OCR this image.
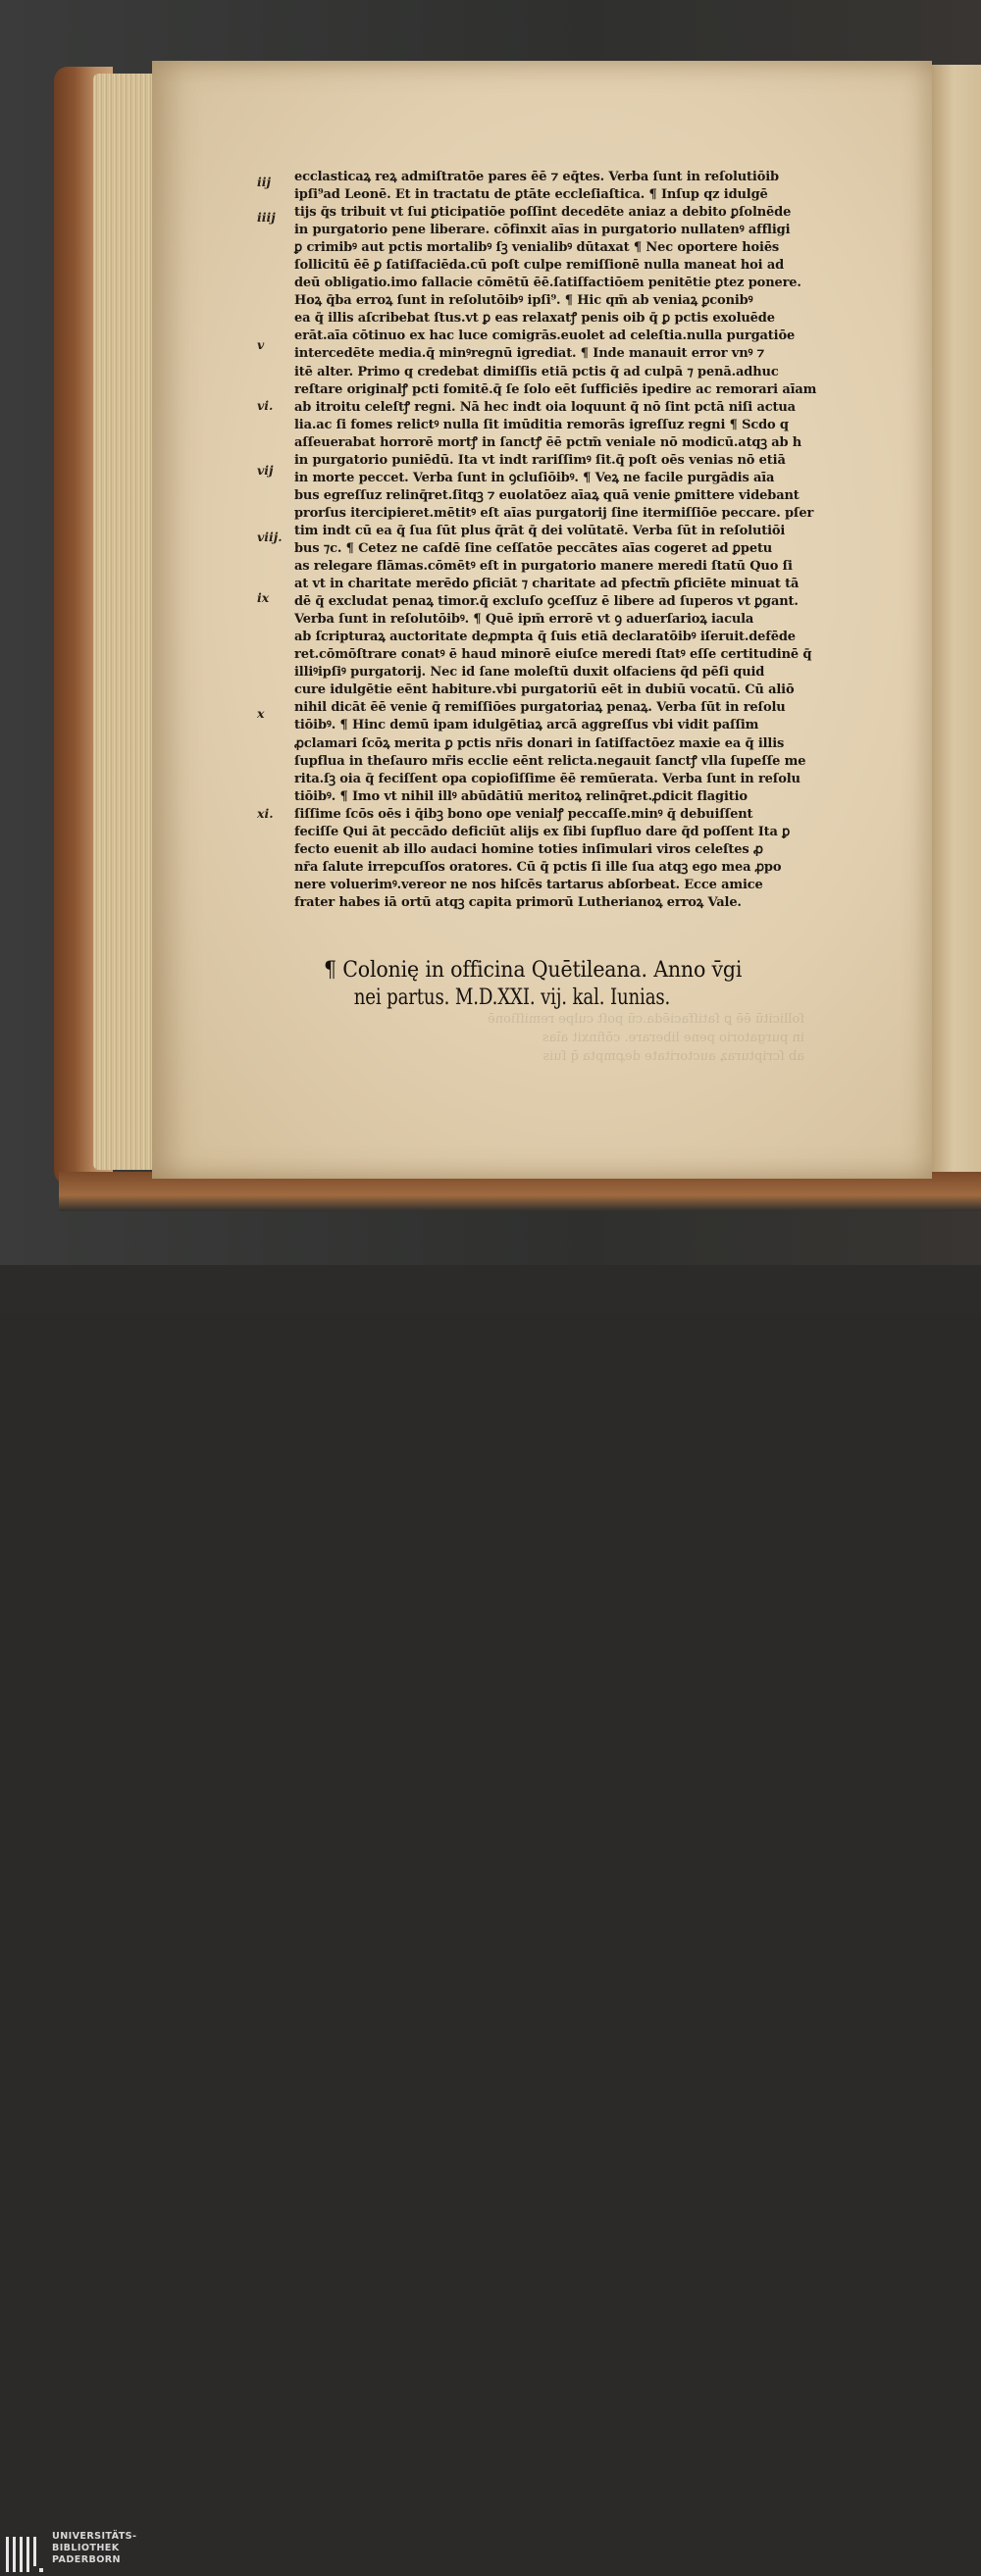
ſollicitū ēē ꝑ ſatiſfaciēda.cū poſt culpe remiſſionē
in purgatorio pene liberare. cōfinxit aīas
ab ſcripturaꝝ auctoritate deꝓmpta q̄ ſuis
iij
iiij
v
vi.
vij
viij.
ix
x
xi.
ecclasticaꝝ reꝝ admiſtratōe pares ēē ⁊ eq̄tes. Verba ſunt in reſolutiōib
ipſi⁹ad Leonē. Et in tractatu de ꝑtāte eccleſiaſtica. ¶ Inſup qz idulgē
tijs q̄s tribuit vt ſui ꝑticipatiōe poſſint decedēte aniaz a debito ꝑſolnēde
in purgatorio pene liberare. cōfinxit aīas in purgatorio nullatenꝰ affligi
ꝑ crimibꝰ aut pctis mortalibꝰ ſꝫ venialibꝰ dūtaxat ¶ Nec oportere hoiēs
ſollicitū ēē ꝑ ſatiſfaciēda.cū poſt culpe remiſſionē nulla maneat hoi ad
deū obligatio.imo fallacie cōmētū ēē.ſatiſfactiōem penitētie ꝑtez ponere.
Hoꝝ q̄ba erroꝝ ſunt in reſolutōibꝰ ipſi⁹. ¶ Hic qm̄ ab veniaꝝ ꝑconibꝰ
ea q̄ illis aſcribebat ſtus.vt ꝑ eas relaxatꝭ penis oib q̄ ꝑ pctis exoluēde
erāt.aīa cōtinuo ex hac luce comigrās.euolet ad celeſtia.nulla purgatiōe
intercedēte media.q̄ minꝰregnū igrediat. ¶ Inde manauit error vnꝰ ⁊
itē alter. Primo q credebat dimiſſis etiā pctis q̄ ad culpā ⁊ penā.adhuc
reſtare originalꝭ pcti fomitē.q̄ ſe ſolo eēt ſufficiēs ipedire ac remorari aīam
ab itroitu celeſtꝭ regni. Nā hec indt oia loquunt q̄ nō ſint pctā niſi actua
lia.ac ſi fomes relictꝰ nulla ſit imūditia remorās igreſſuz regni ¶ Scdo q
aſſeuerabat horrorē mortꝭ in ſanctꝭ ēē pctm̄ veniale nō modicū.atqꝫ ab h
in purgatorio puniēdū. Ita vt indt rariſſimꝰ ſit.q̄ poſt oēs venias nō etiā
in morte peccet. Verba ſunt in ꝯcluſiōibꝰ. ¶ Veꝝ ne facile purgādis aīa
bus egreſſuz relinq̄ret.ſitqꝫ ⁊ euolatōez aīaꝝ quā venie ꝑmittere videbant
prorſus itercipieret.mētitꝰ eſt aīas purgatorij ſine itermiſſiōe peccare. pſer
tim indt cū ea q̄ ſua ſūt plus q̄rāt q̄ dei volūtatē. Verba ſūt in reſolutiōi
bus ⁊c. ¶ Cetez ne caſdē ſine ceſſatōe peccātes aīas cogeret ad ꝑpetu
as relegare flāmas.cōmētꝰ eſt in purgatorio manere meredi ſtatū Quo ſi
at vt in charitate merēdo ꝑficiāt ⁊ charitate ad pfectm̄ ꝑficiēte minuat tā
dē q̄ excludat penaꝝ timor.q̄ excluſo ꝯceſſuz ē libere ad ſuperos vt ꝑgant.
Verba ſunt in reſolutōibꝰ. ¶ Quē ipm̄ errorē vt ꝯ aduerſarioꝝ iacula
ab ſcripturaꝝ auctoritate deꝓmpta q̄ ſuis etiā declaratōibꝰ iſeruit.defēde
ret.cōmōſtrare conatꝰ ē haud minorē eiuſce meredi ſtatꝰ eſſe certitudinē q̄
illiꝰipſiꝰ purgatorij. Nec id ſane moleſtū duxit olfaciens q̄d pēſi quid
cure idulgētie eēnt habiture.vbi purgatoriū eēt in dubiū vocatū. Cū aliō
nihil dicāt ēē venie q̄ remiſſiōes purgatoriaꝝ penaꝝ. Verba ſūt in reſolu
tiōibꝰ. ¶ Hinc demū ipam idulgētiaꝝ arcā aggreſſus vbi vidit paſſim
ꝓclamari ſcōꝝ merita ꝑ pctis nr̄is donari in ſatiſfactōez maxie ea q̄ illis
ſupflua in theſauro mr̄is ecclie eēnt relicta.negauit ſanctꝭ vlla ſupeſſe me
rita.ſꝫ oia q̄ feciſſent opa copioſiſſime ēē remūerata. Verba ſunt in reſolu
tiōibꝰ. ¶ Imo vt nihil illꝰ abūdātiū meritoꝝ relinq̄ret.ꝓdicit flagitio
ſiſſime ſcōs oēs i q̄ibꝫ bono ope venialꝭ peccaſſe.minꝰ q̄ debuiſſent
feciſſe Qui āt peccādo deficiūt alijs ex ſibi ſupfluo dare q̄d poſſent Ita ꝑ
fecto euenit ab illo audaci homine toties inſimulari viros celeſtes ꝓ
nr̄a ſalute irrepcuſſos oratores. Cū q̄ pctis ſi ille ſua atqꝫ ego mea ꝓpo
nere voluerimꝰ.vereor ne nos hiſcēs tartarus abſorbeat. Ecce amice
frater habes iā ortū atqꝫ capita primorū Lutherianoꝝ erroꝝ Vale.
¶ Colonię in officina Quētileana. Anno v̄gi
nei partus. M.D.XXI. vij. kal. Iunias.
UNIVERSITÄTS-
BIBLIOTHEK
PADERBORN
